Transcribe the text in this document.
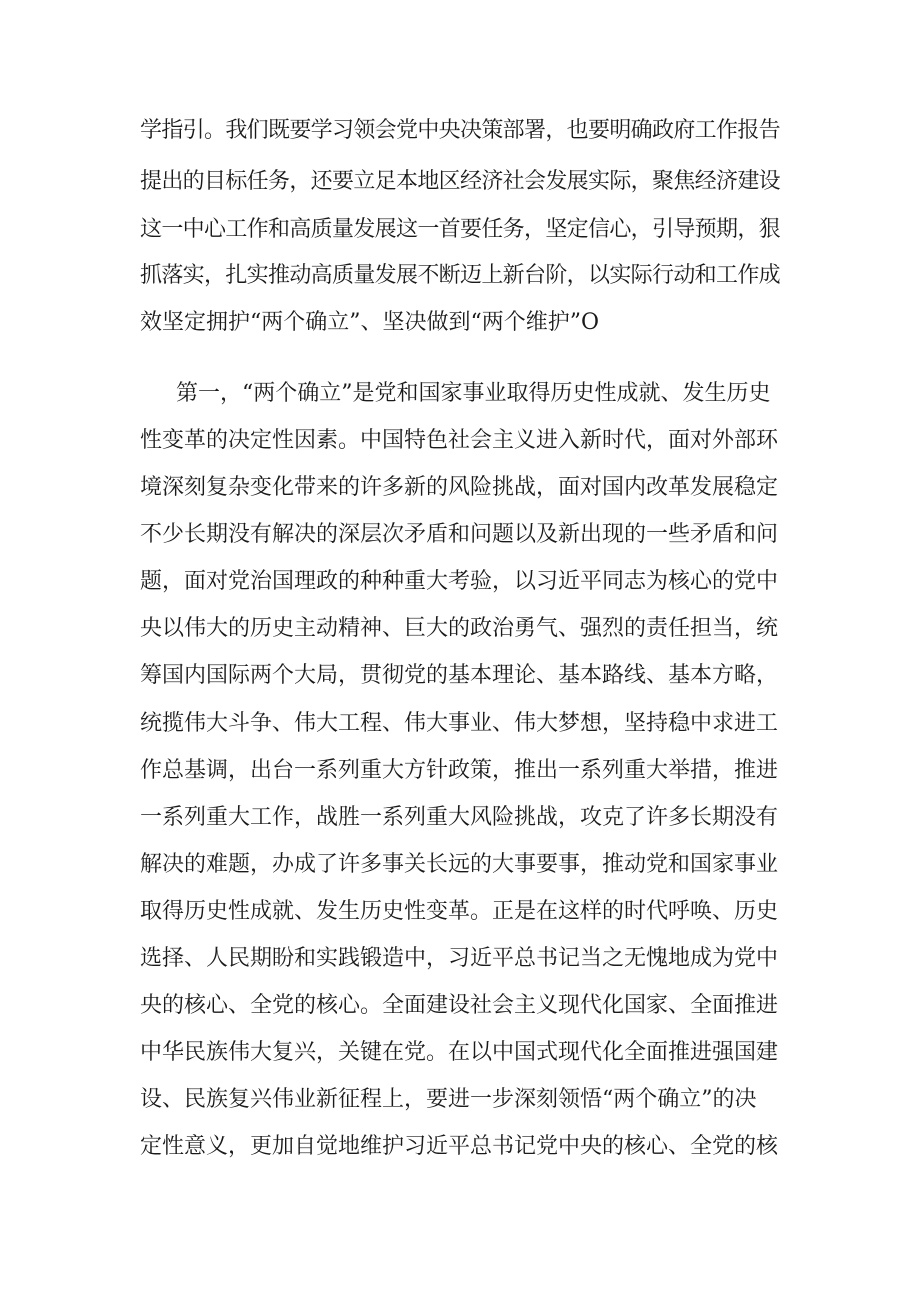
学指引。我们既要学习领会党中央决策部署，也要明确政府工作报告
提出的目标任务，还要立足本地区经济社会发展实际，聚焦经济建设
这一中心工作和高质量发展这一首要任务，坚定信心，引导预期，狠
抓落实，扎实推动高质量发展不断迈上新台阶，以实际行动和工作成
效坚定拥护“两个确立”、坚决做到“两个维护”O
第一，“两个确立”是党和国家事业取得历史性成就、发生历史
性变革的决定性因素。中国特色社会主义进入新时代，面对外部环
境深刻复杂变化带来的许多新的风险挑战，面对国内改革发展稳定
不少长期没有解决的深层次矛盾和问题以及新出现的一些矛盾和问
题，面对党治国理政的种种重大考验，以习近平同志为核心的党中
央以伟大的历史主动精神、巨大的政治勇气、强烈的责任担当，统
筹国内国际两个大局，贯彻党的基本理论、基本路线、基本方略，
统揽伟大斗争、伟大工程、伟大事业、伟大梦想，坚持稳中求进工
作总基调，出台一系列重大方针政策，推出一系列重大举措，推进
一系列重大工作，战胜一系列重大风险挑战，攻克了许多长期没有
解决的难题，办成了许多事关长远的大事要事，推动党和国家事业
取得历史性成就、发生历史性变革。正是在这样的时代呼唤、历史
选择、人民期盼和实践锻造中，习近平总书记当之无愧地成为党中
央的核心、全党的核心。全面建设社会主义现代化国家、全面推进
中华民族伟大复兴，关键在党。在以中国式现代化全面推进强国建
设、民族复兴伟业新征程上，要进一步深刻领悟“两个确立”的决
定性意义，更加自觉地维护习近平总书记党中央的核心、全党的核
